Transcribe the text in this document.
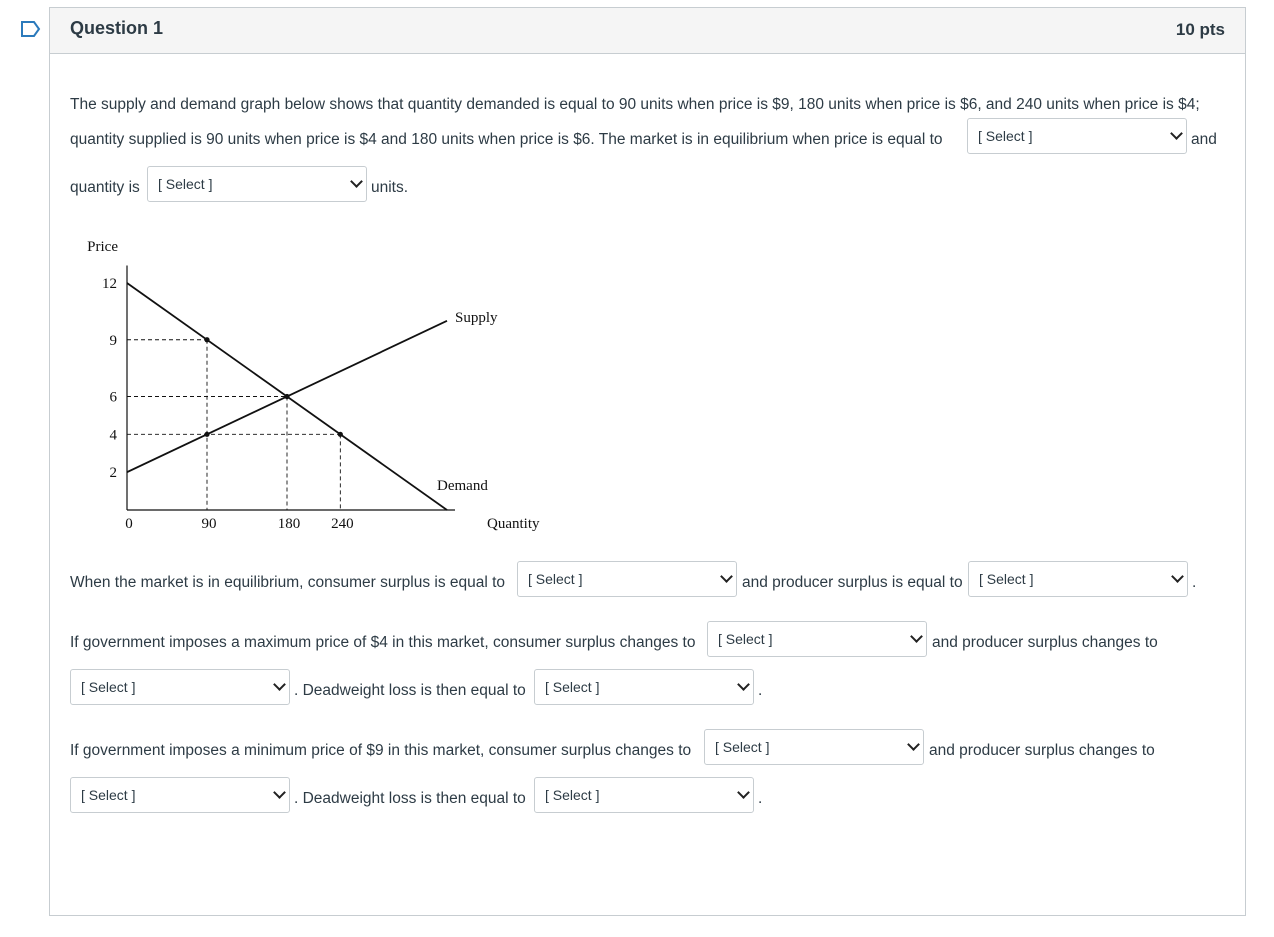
Question 1	10 pts
The supply and demand graph below shows that quantity demanded is equal to 90 units when price is $9, 180 units when price is $6, and 240 units when price is $4;
quantity supplied is 90 units when price is $4 and 180 units when price is $6. The market is in equilibrium when price is equal to
[ Select ]	and
quantity is
[ Select ]	units.
12
9
6
4
2
0	90	180 240
Price
Quantity
Supply
Demand
When the market is in equilibrium, consumer surplus is equal to
[ Select ]	and producer surplus is equal to
[ Select ]	.
If government imposes a maximum price of $4 in this market, consumer surplus changes to
[ Select ]	and producer surplus changes to
[ Select ]
. Deadweight loss is then equal to
[ Select ]	.
If government imposes a minimum price of $9 in this market, consumer surplus changes to
[ Select ]	and producer surplus changes to
[ Select ]
. Deadweight loss is then equal to
[ Select ]	.
